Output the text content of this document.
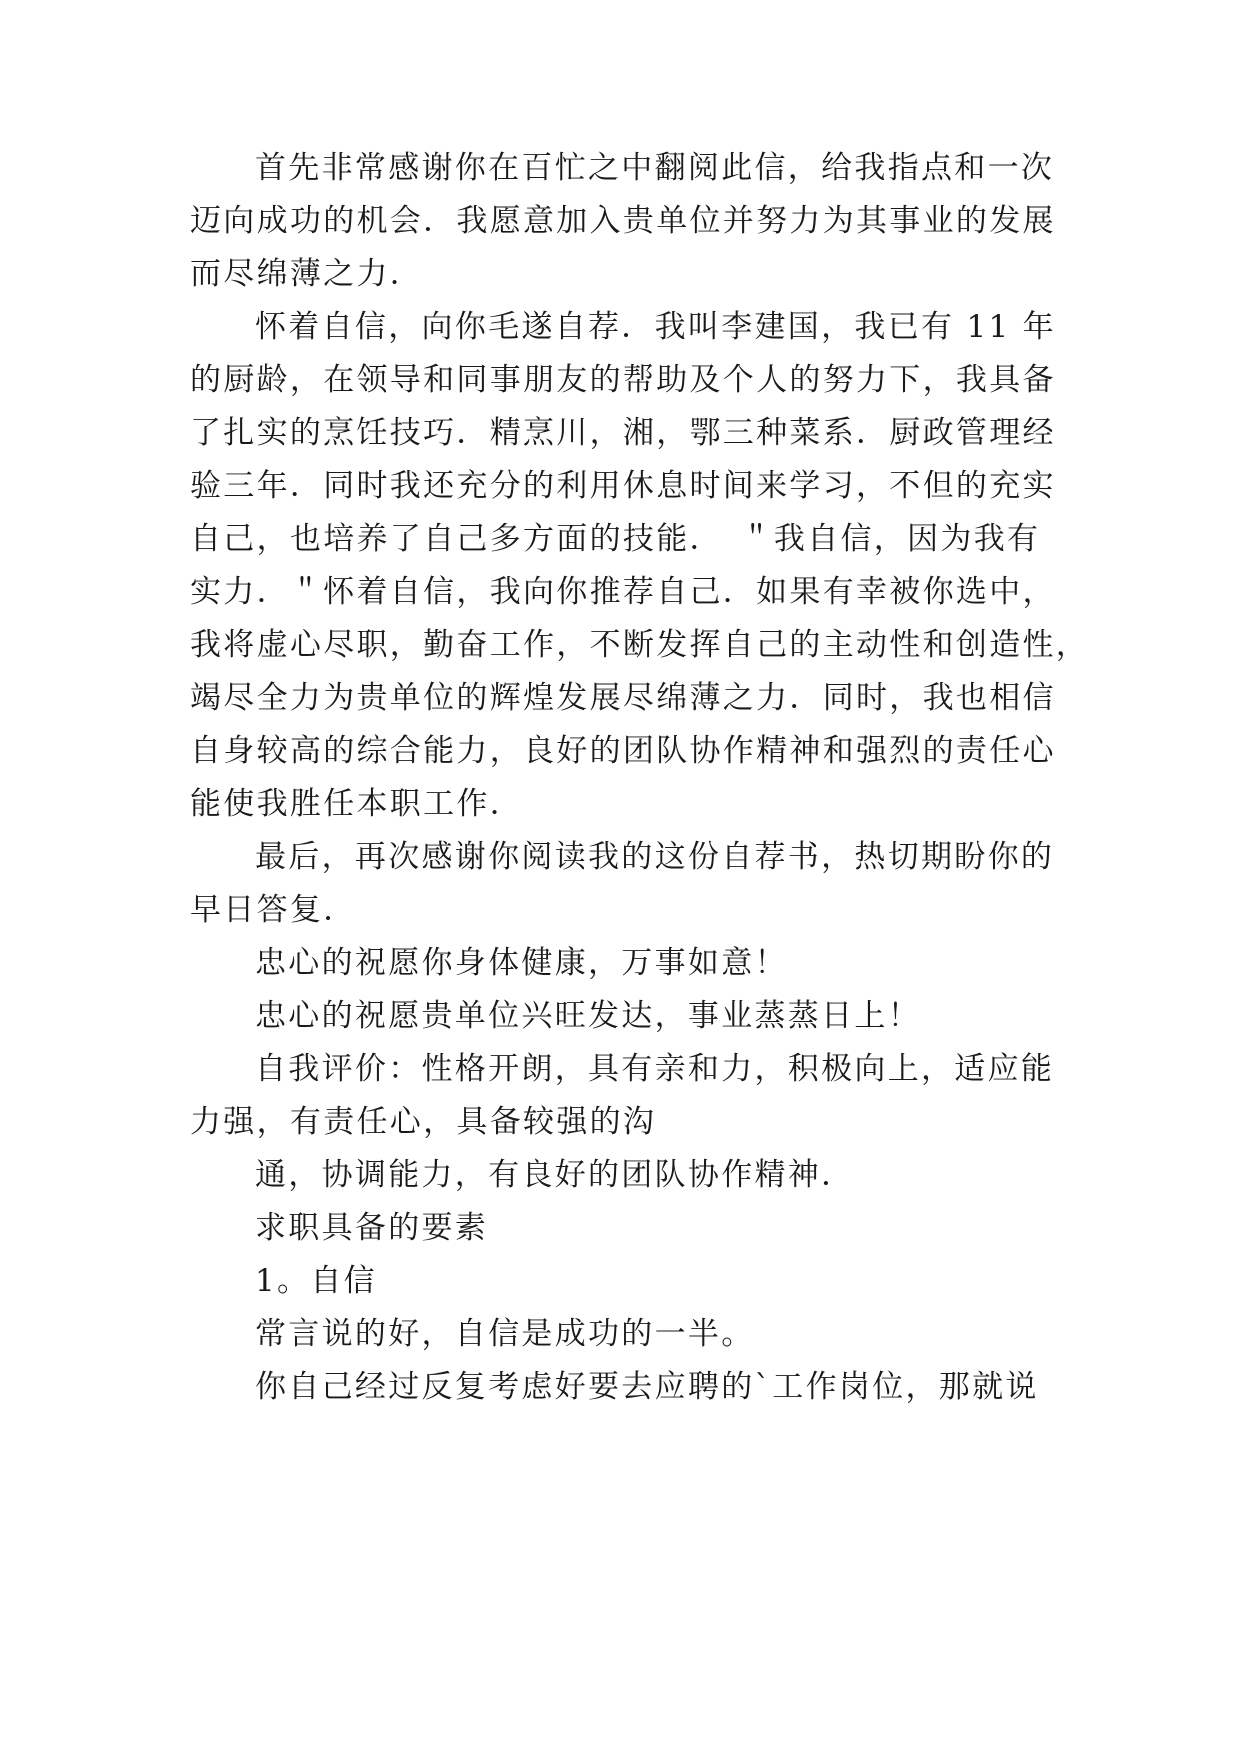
首先非常感谢你在百忙之中翻阅此信，给我指点和一次
迈向成功的机会．我愿意加入贵单位并努力为其事业的发展
而尽绵薄之力．
怀着自信，向你毛遂自荐．我叫李建国，我已有 11 年
的厨龄，在领导和同事朋友的帮助及个人的努力下，我具备
了扎实的烹饪技巧．精烹川，湘，鄂三种菜系．厨政管理经
验三年．同时我还充分的利用休息时间来学习，不但的充实
自己，也培养了自己多方面的技能．　＂我自信，因为我有
实力．＂怀着自信，我向你推荐自己．如果有幸被你选中，
我将虚心尽职，勤奋工作，不断发挥自己的主动性和创造性，
竭尽全力为贵单位的辉煌发展尽绵薄之力．同时，我也相信
自身较高的综合能力，良好的团队协作精神和强烈的责任心
能使我胜任本职工作．
最后，再次感谢你阅读我的这份自荐书，热切期盼你的
早日答复．
忠心的祝愿你身体健康，万事如意！
忠心的祝愿贵单位兴旺发达，事业蒸蒸日上！
自我评价：性格开朗，具有亲和力，积极向上，适应能
力强，有责任心，具备较强的沟
通，协调能力，有良好的团队协作精神．
求职具备的要素
1。自信
常言说的好，自信是成功的一半。
你自己经过反复考虑好要去应聘的`工作岗位，那就说
